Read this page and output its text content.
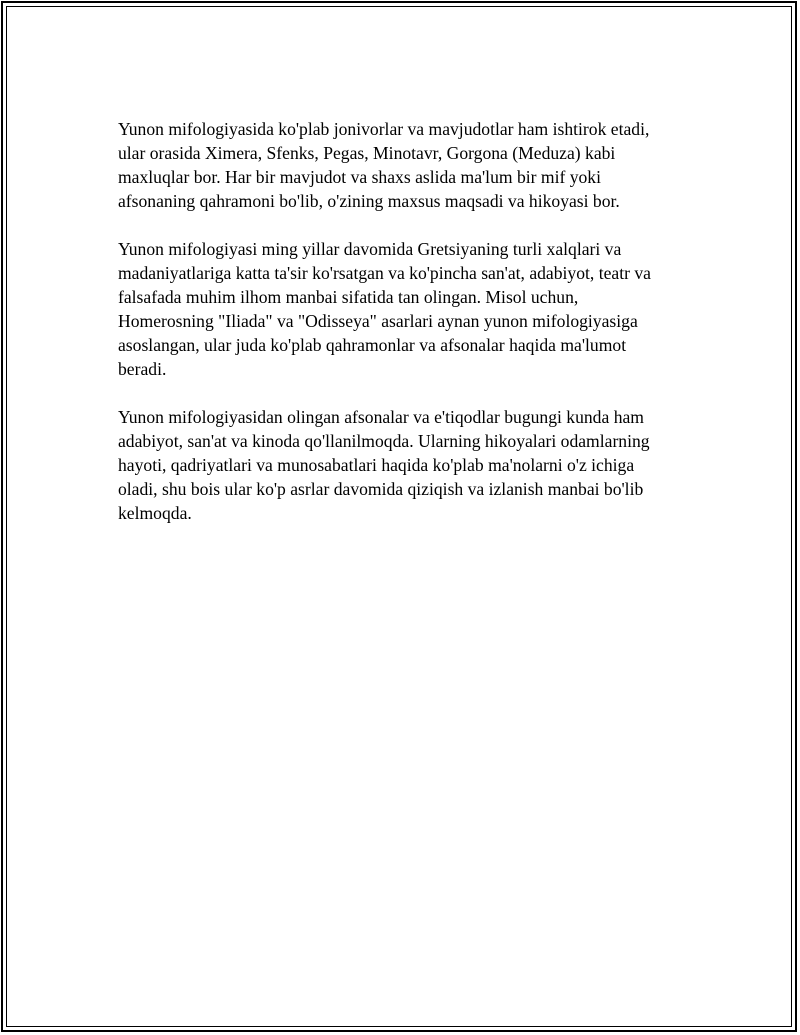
Yunon mifologiyasida ko'plab jonivorlar va mavjudotlar ham ishtirok etadi,
ular orasida Ximera, Sfenks, Pegas, Minotavr, Gorgona (Meduza) kabi
maxluqlar bor. Har bir mavjudot va shaxs aslida ma'lum bir mif yoki
afsonaning qahramoni bo'lib, o'zining maxsus maqsadi va hikoyasi bor.

Yunon mifologiyasi ming yillar davomida Gretsiyaning turli xalqlari va
madaniyatlariga katta ta'sir ko'rsatgan va ko'pincha san'at, adabiyot, teatr va
falsafada muhim ilhom manbai sifatida tan olingan. Misol uchun,
Homerosning "Iliada" va "Odisseya" asarlari aynan yunon mifologiyasiga
asoslangan, ular juda ko'plab qahramonlar va afsonalar haqida ma'lumot
beradi.

Yunon mifologiyasidan olingan afsonalar va e'tiqodlar bugungi kunda ham
adabiyot, san'at va kinoda qo'llanilmoqda. Ularning hikoyalari odamlarning
hayoti, qadriyatlari va munosabatlari haqida ko'plab ma'nolarni o'z ichiga
oladi, shu bois ular ko'p asrlar davomida qiziqish va izlanish manbai bo'lib
kelmoqda.
